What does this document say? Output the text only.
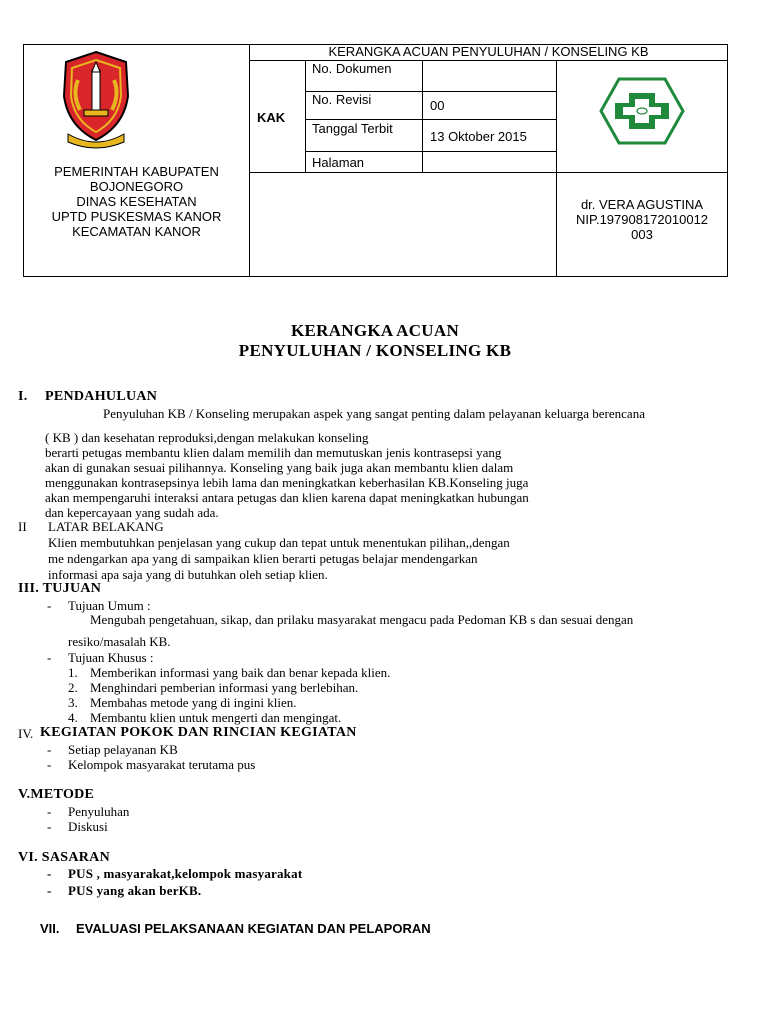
PEMERINTAH KABUPATEN
BOJONEGORO
DINAS KESEHATAN
UPTD PUSKESMAS KANOR
KECAMATAN KANOR
KERANGKA ACUAN PENYULUHAN / KONSELING KB
KAK
No. Dokumen
No. Revisi	00
Tanggal Terbit
13 Oktober 2015
Halaman
dr. VERA AGUSTINA
NIP.197908172010012
003
KERANGKA ACUAN
PENYULUHAN / KONSELING KB
I. PENDAHULUAN
Penyuluhan KB / Konseling merupakan aspek yang sangat penting dalam pelayanan keluarga berencana
( KB ) dan kesehatan reproduksi,dengan melakukan konseling
berarti petugas membantu klien dalam memilih dan memutuskan jenis kontrasepsi yang
akan di gunakan sesuai pilihannya. Konseling yang baik juga akan membantu klien dalam
menggunakan kontrasepsinya lebih lama dan meningkatkan keberhasilan KB.Konseling juga
akan mempengaruhi interaksi antara petugas dan klien karena dapat meningkatkan hubungan
dan kepercayaan yang sudah ada.
II LATAR BELAKANG
Klien membutuhkan penjelasan yang cukup dan tepat untuk menentukan pilihan,,dengan
me ndengarkan apa yang di sampaikan klien berarti petugas belajar mendengarkan
informasi apa saja yang di butuhkan oleh setiap klien.
III. TUJUAN
- Tujuan Umum :
Mengubah pengetahuan, sikap, dan prilaku masyarakat mengacu pada Pedoman KB s dan sesuai dengan
resiko/masalah KB.
- Tujuan Khusus :
1. Memberikan informasi yang baik dan benar kepada klien.
2. Menghindari pemberian informasi yang berlebihan.
3. Membahas metode yang di ingini klien.
4. Membantu klien untuk mengerti dan mengingat.
IV. KEGIATAN POKOK DAN RINCIAN KEGIATAN
- Setiap pelayanan KB
- Kelompok masyarakat terutama pus
V.METODE
- Penyuluhan
- Diskusi
VI. SASARAN
- PUS , masyarakat,kelompok masyarakat
- PUS yang akan berKB.
VII. EVALUASI PELAKSANAAN KEGIATAN DAN PELAPORAN
